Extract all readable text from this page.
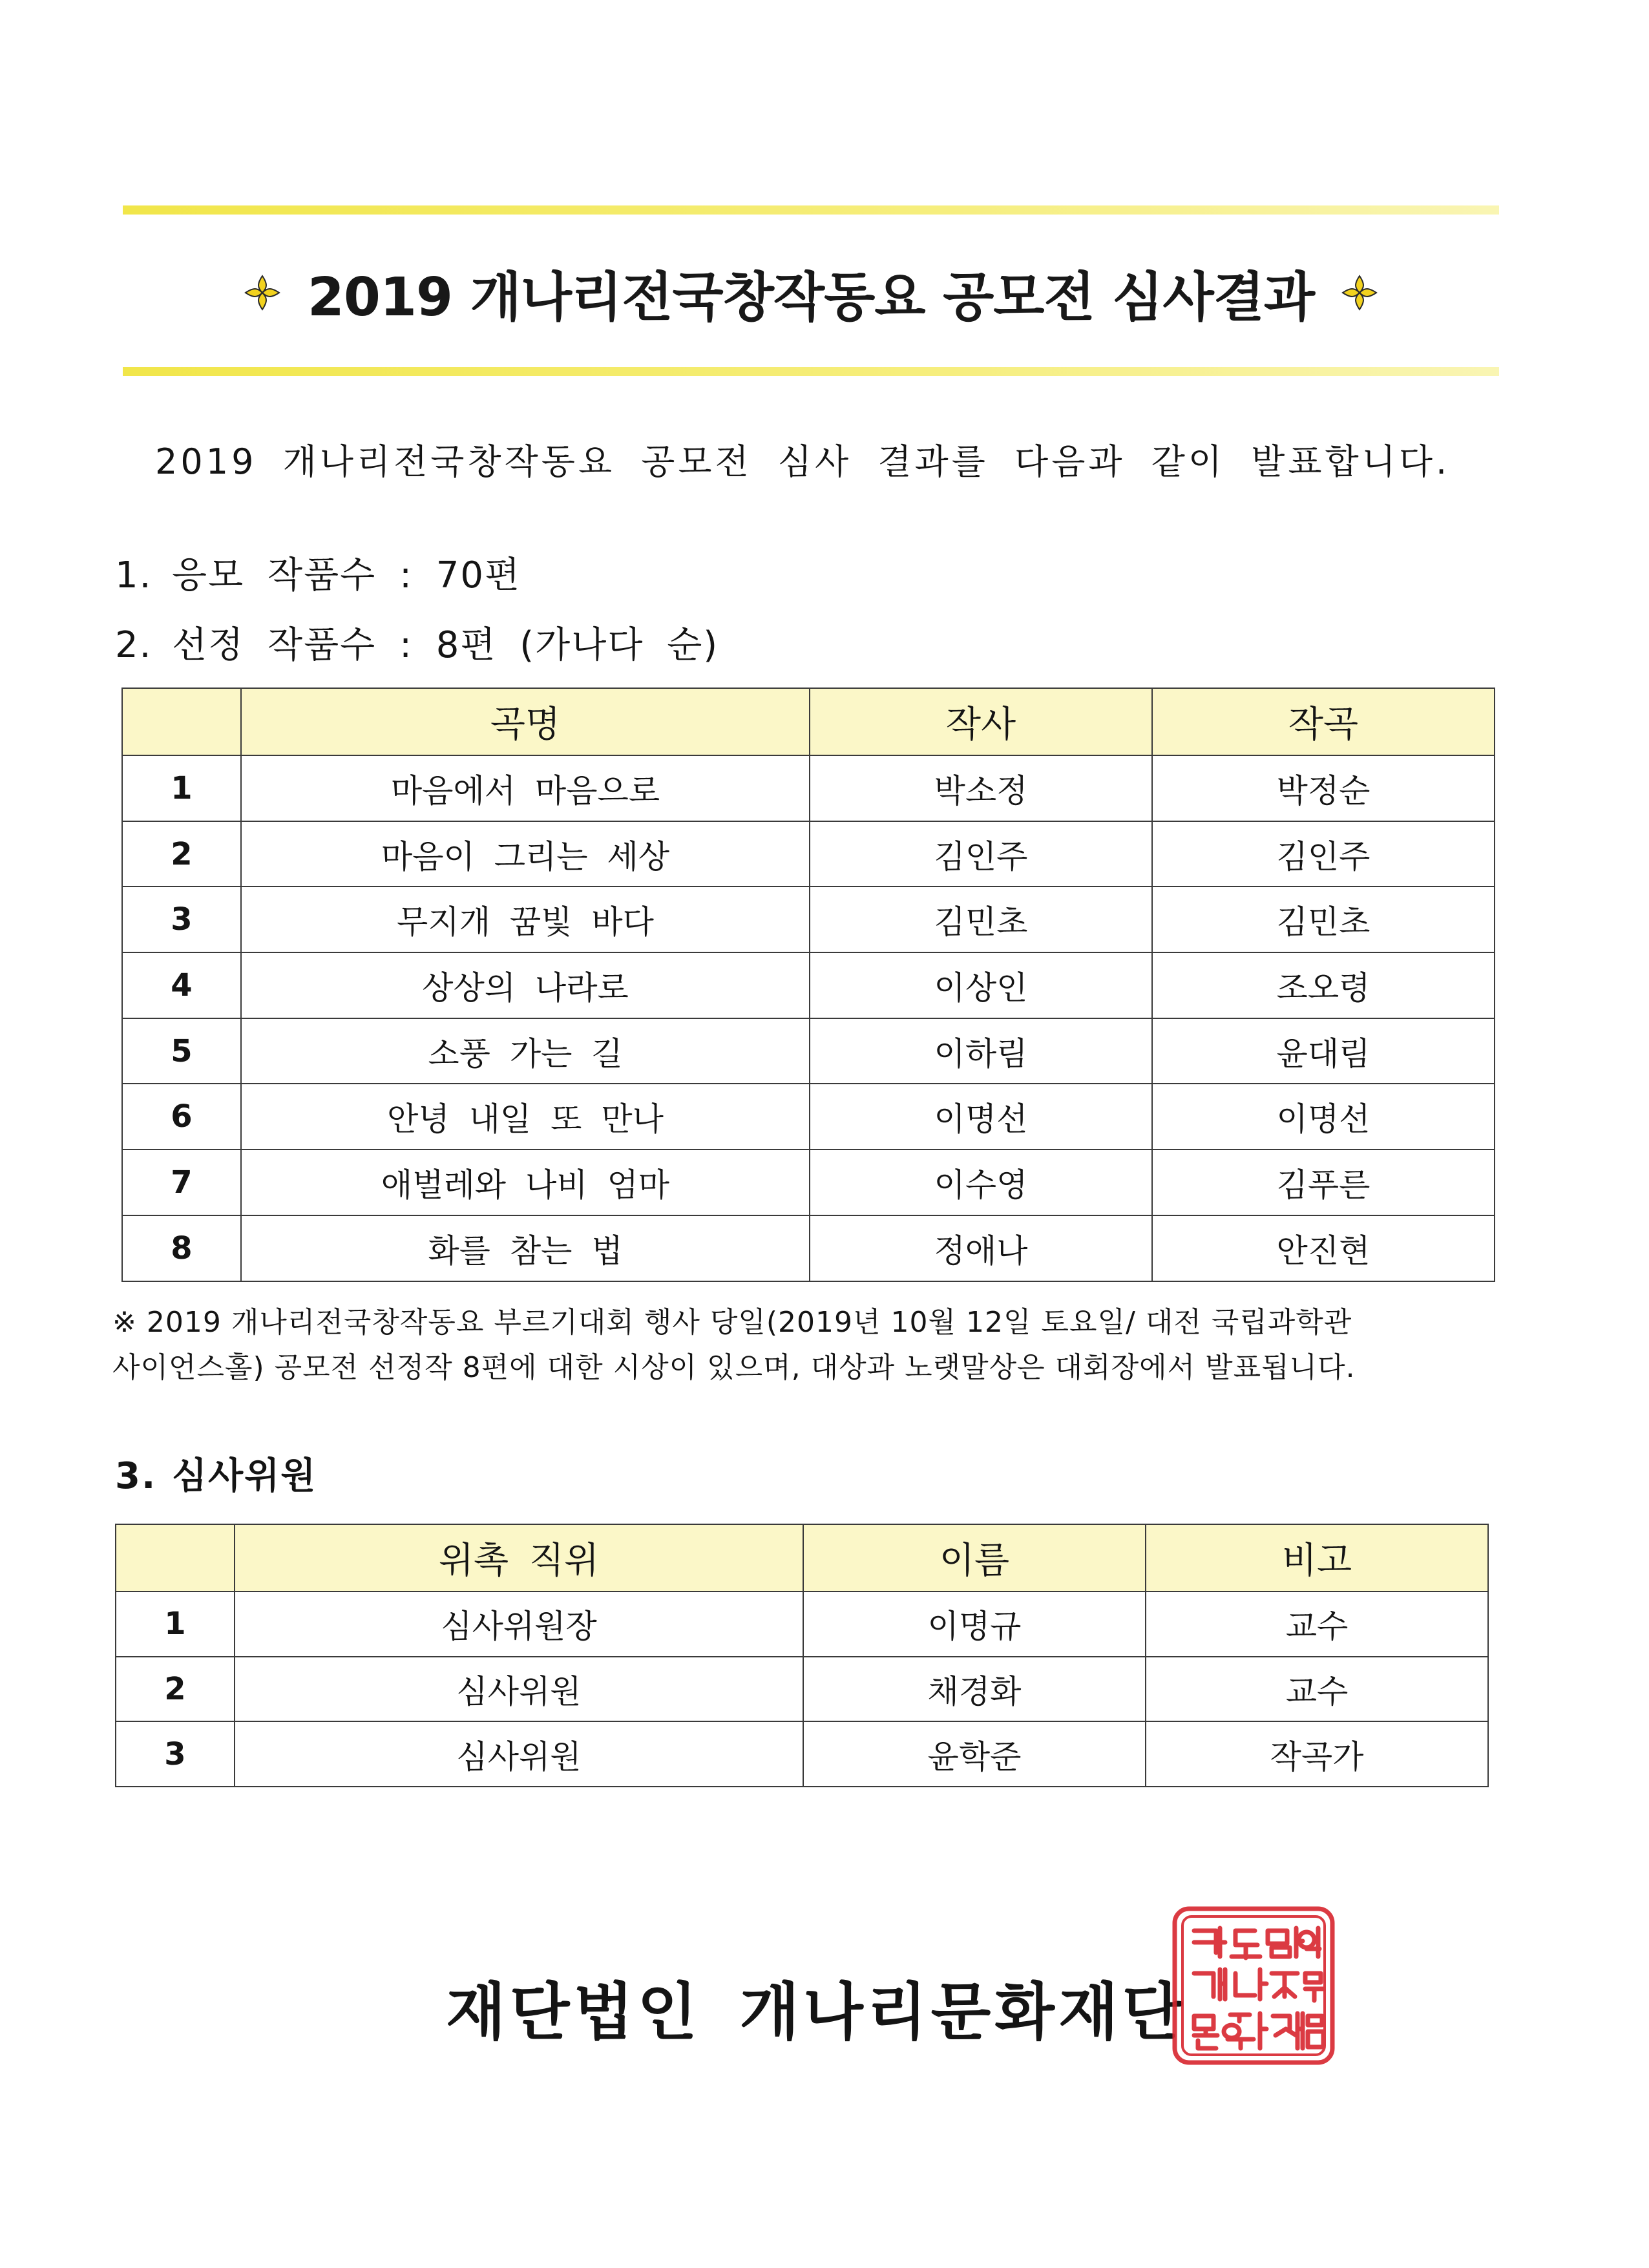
2019 개나리전국창작동요 공모전 심사결과
2019 개나리전국창작동요 공모전 심사 결과를 다음과 같이 발표합니다.
1. 응모 작품수 : 70편
2. 선정 작품수 : 8편 (가나다 순)
	곡명	작사	작곡
1	마음에서 마음으로	박소정	박정순
2	마음이 그리는 세상	김인주	김인주
3	무지개 꿈빛 바다	김민초	김민초
4	상상의 나라로	이상인	조오령
5	소풍 가는 길	이하림	윤대림
6	안녕 내일 또 만나	이명선	이명선
7	애벌레와 나비 엄마	이수영	김푸른
8	화를 참는 법	정애나	안진현
※ 2019 개나리전국창작동요 부르기대회 행사 당일(2019년 10월 12일 토요일/ 대전 국립과학관
사이언스홀) 공모전 선정작 8편에 대한 시상이 있으며, 대상과 노랫말상은 대회장에서 발표됩니다.
3. 심사위원
	위촉 직위	이름	비고
1	심사위원장	이명규	교수
2	심사위원	채경화	교수
3	심사위원	윤학준	작곡가
재단법인 개나리문화재단
